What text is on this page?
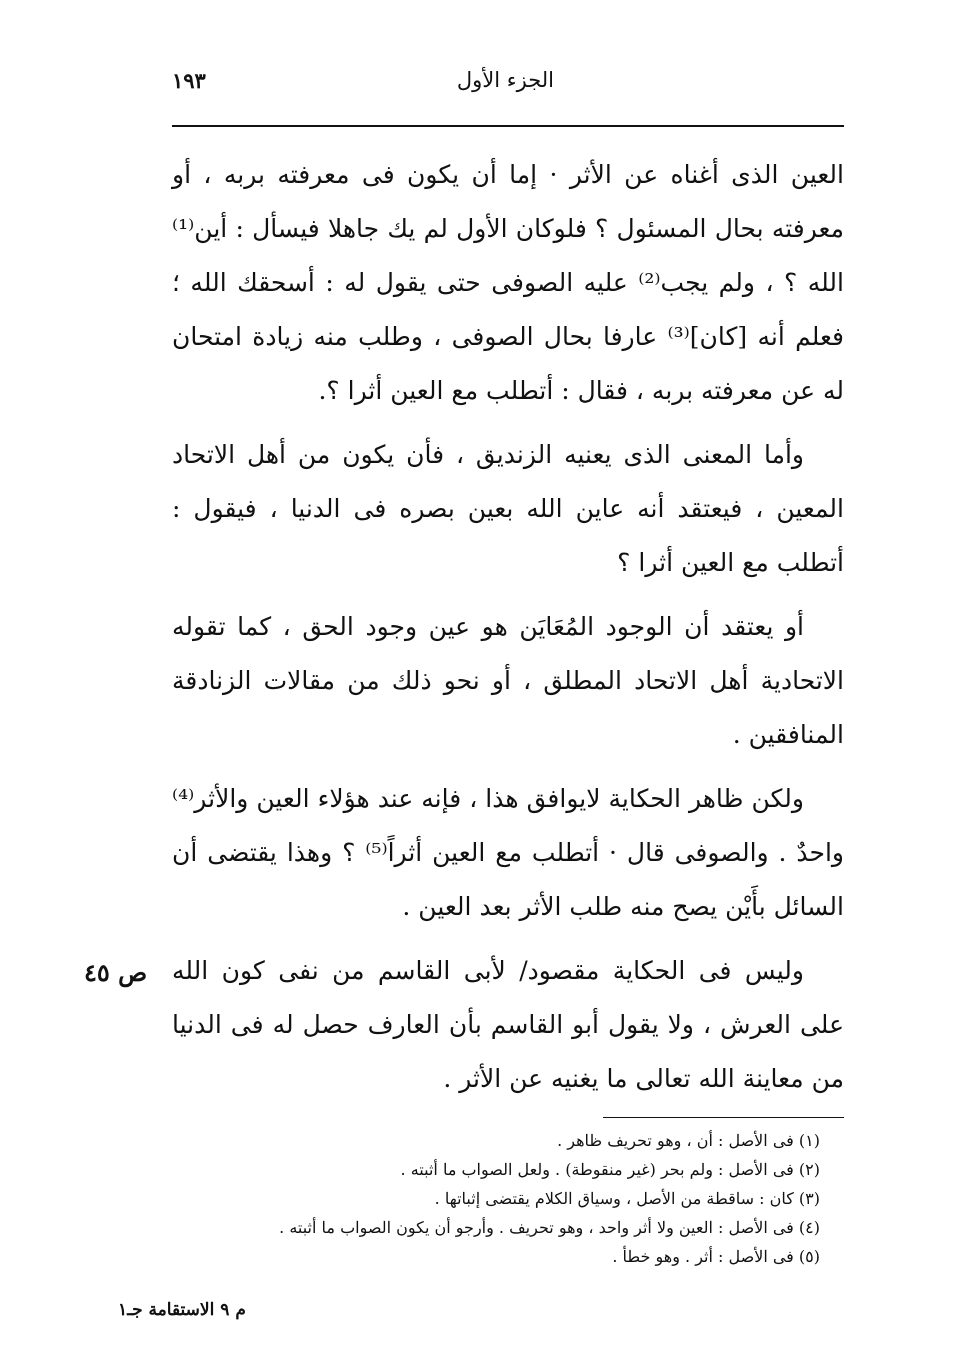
الجزء الأول
١٩٣

العين الذى أغناه عن الأثر · إما أن يكون فى معرفته بربه ، أو معرفته بحال المسئول ؟ فلوكان الأول لم يك جاهلا فيسأل : أين⁽¹⁾ الله ؟ ، ولم يجب⁽²⁾ عليه الصوفى حتى يقول له : أسحقك الله ؛ فعلم أنه [كان]⁽³⁾ عارفا بحال الصوفى ، وطلب منه زيادة امتحان له عن معرفته بربه ، فقال : أتطلب مع العين أثرا ؟.

وأما المعنى الذى يعنيه الزنديق ، فأن يكون من أهل الاتحاد المعين ، فيعتقد أنه عاين الله بعين بصره فى الدنيا ، فيقول : أتطلب مع العين أثرا ؟

أو يعتقد أن الوجود المُعَايَن هو عين وجود الحق ، كما تقوله الاتحادية أهل الاتحاد المطلق ، أو نحو ذلك من مقالات الزنادقة المنافقين .

ولكن ظاهر الحكاية لايوافق هذا ، فإنه عند هؤلاء العين والأثر⁽⁴⁾ واحدٌ . والصوفى قال · أتطلب مع العين أثراً⁽⁵⁾ ؟ وهذا يقتضى أن السائل بأَيْن يصح منه طلب الأثر بعد العين .

وليس فى الحكاية مقصود/ لأبى القاسم من نفى كون الله على العرش ، ولا يقول أبو القاسم بأن العارف حصل له فى الدنيا من معاينة الله تعالى ما يغنيه عن الأثر .

ص ٤٥
(١) فى الأصل : أن ، وهو تحريف ظاهر .
(٢) فى الأصل : ولم بحر (غير منقوطة) . ولعل الصواب ما أثبته .
(٣) كان : ساقطة من الأصل ، وسياق الكلام يقتضى إثباتها .
(٤) فى الأصل : العين ولا أثر واحد ، وهو تحريف . وأرجو أن يكون الصواب ما أثبته .
(٥) فى الأصل : أثر . وهو خطأ .
م ٩ الاستقامة جـ١
